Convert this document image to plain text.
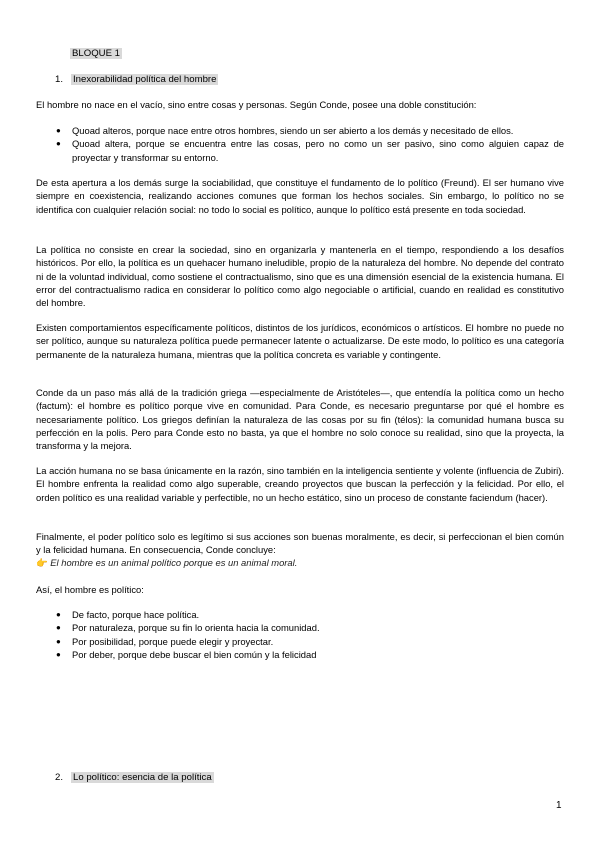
BLOQUE 1
1. Inexorabilidad política del hombre

El hombre no nace en el vacío, sino entre cosas y personas. Según Conde, posee una doble constitución:

● Quoad alteros, porque nace entre otros hombres, siendo un ser abierto a los demás y necesitado de ellos.
● Quoad altera, porque se encuentra entre las cosas, pero no como un ser pasivo, sino como alguien capaz de proyectar y transformar su entorno.

De esta apertura a los demás surge la sociabilidad, que constituye el fundamento de lo político (Freund). El ser humano vive siempre en coexistencia, realizando acciones comunes que forman los hechos sociales. Sin embargo, lo político no se identifica con cualquier relación social: no todo lo social es político, aunque lo político está presente en toda sociedad.

La política no consiste en crear la sociedad, sino en organizarla y mantenerla en el tiempo, respondiendo a los desafíos históricos. Por ello, la política es un quehacer humano ineludible, propio de la naturaleza del hombre. No depende del contrato ni de la voluntad individual, como sostiene el contractualismo, sino que es una dimensión esencial de la existencia humana. El error del contractualismo radica en considerar lo político como algo negociable o artificial, cuando en realidad es constitutivo del hombre.

Existen comportamientos específicamente políticos, distintos de los jurídicos, económicos o artísticos. El hombre no puede no ser político, aunque su naturaleza política puede permanecer latente o actualizarse. De este modo, lo político es una categoría permanente de la naturaleza humana, mientras que la política concreta es variable y contingente.

Conde da un paso más allá de la tradición griega —especialmente de Aristóteles—, que entendía la política como un hecho (factum): el hombre es político porque vive en comunidad. Para Conde, es necesario preguntarse por qué el hombre es necesariamente político. Los griegos definían la naturaleza de las cosas por su fin (télos): la comunidad humana busca su perfección en la polis. Pero para Conde esto no basta, ya que el hombre no solo conoce su realidad, sino que la proyecta, la transforma y la mejora.

La acción humana no se basa únicamente en la razón, sino también en la inteligencia sentiente y volente (influencia de Zubiri). El hombre enfrenta la realidad como algo superable, creando proyectos que buscan la perfección y la felicidad. Por ello, el orden político es una realidad variable y perfectible, no un hecho estático, sino un proceso de constante faciendum (hacer).

Finalmente, el poder político solo es legítimo si sus acciones son buenas moralmente, es decir, si perfeccionan el bien común y la felicidad humana. En consecuencia, Conde concluye:

👉 El hombre es un animal político porque es un animal moral.

Así, el hombre es político:

● De facto, porque hace política.
● Por naturaleza, porque su fin lo orienta hacia la comunidad.
● Por posibilidad, porque puede elegir y proyectar.
● Por deber, porque debe buscar el bien común y la felicidad
2. Lo político: esencia de la política
1
